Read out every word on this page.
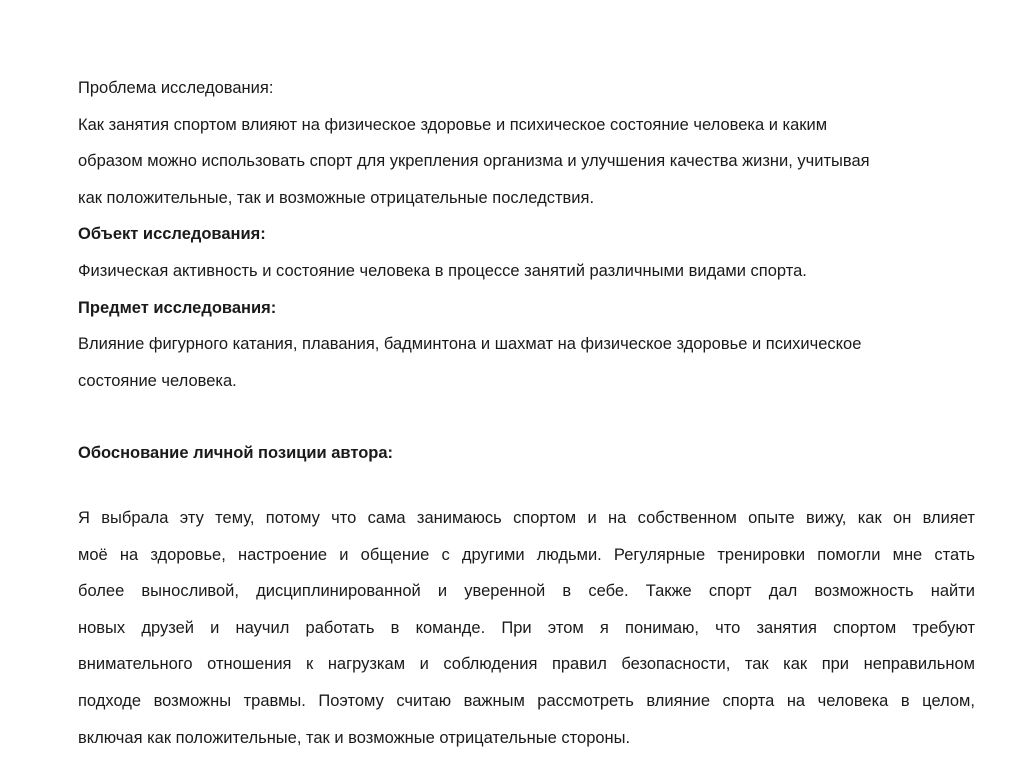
Проблема исследования:
Как занятия спортом влияют на физическое здоровье и психическое состояние человека и каким
образом можно использовать спорт для укрепления организма и улучшения качества жизни, учитывая
как положительные, так и возможные отрицательные последствия.
Объект исследования:
Физическая активность и состояние человека в процессе занятий различными видами спорта.
Предмет исследования:
Влияние фигурного катания, плавания, бадминтона и шахмат на физическое здоровье и психическое
состояние человека.
Обоснование личной позиции автора:
Я выбрала эту тему, потому что сама занимаюсь спортом и на собственном опыте вижу, как он влияет
моё на здоровье, настроение и общение с другими людьми. Регулярные тренировки помогли мне стать
более выносливой, дисциплинированной и уверенной в себе. Также спорт дал возможность найти
новых друзей и научил работать в команде. При этом я понимаю, что занятия спортом требуют
внимательного отношения к нагрузкам и соблюдения правил безопасности, так как при неправильном
подходе возможны травмы. Поэтому считаю важным рассмотреть влияние спорта на человека в целом,
включая как положительные, так и возможные отрицательные стороны.
